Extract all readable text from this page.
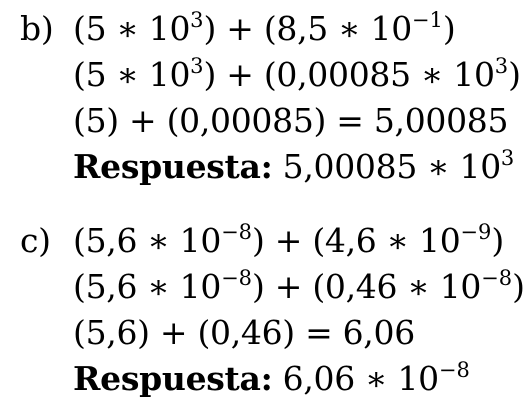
b) (5 ∗ $10^3) + (8,5$ ∗ $10^{-1}$)
(5 ∗ $10^3) + (0,00085$ ∗ $10^3$)
(5) + (0,00085) = 5,00085
Respuesta: 5,00085 ∗ $10^3$
c) (5,6 ∗ $10^{-8}) + (4,6$ ∗ $10^{-9}$)
(5,6 ∗ $10^{-8}) + (0,46$ ∗ $10^{-8}$)
(5,6) + (0,46) = 6,06
Respuesta: 6,06 ∗ $10^{-8}$
